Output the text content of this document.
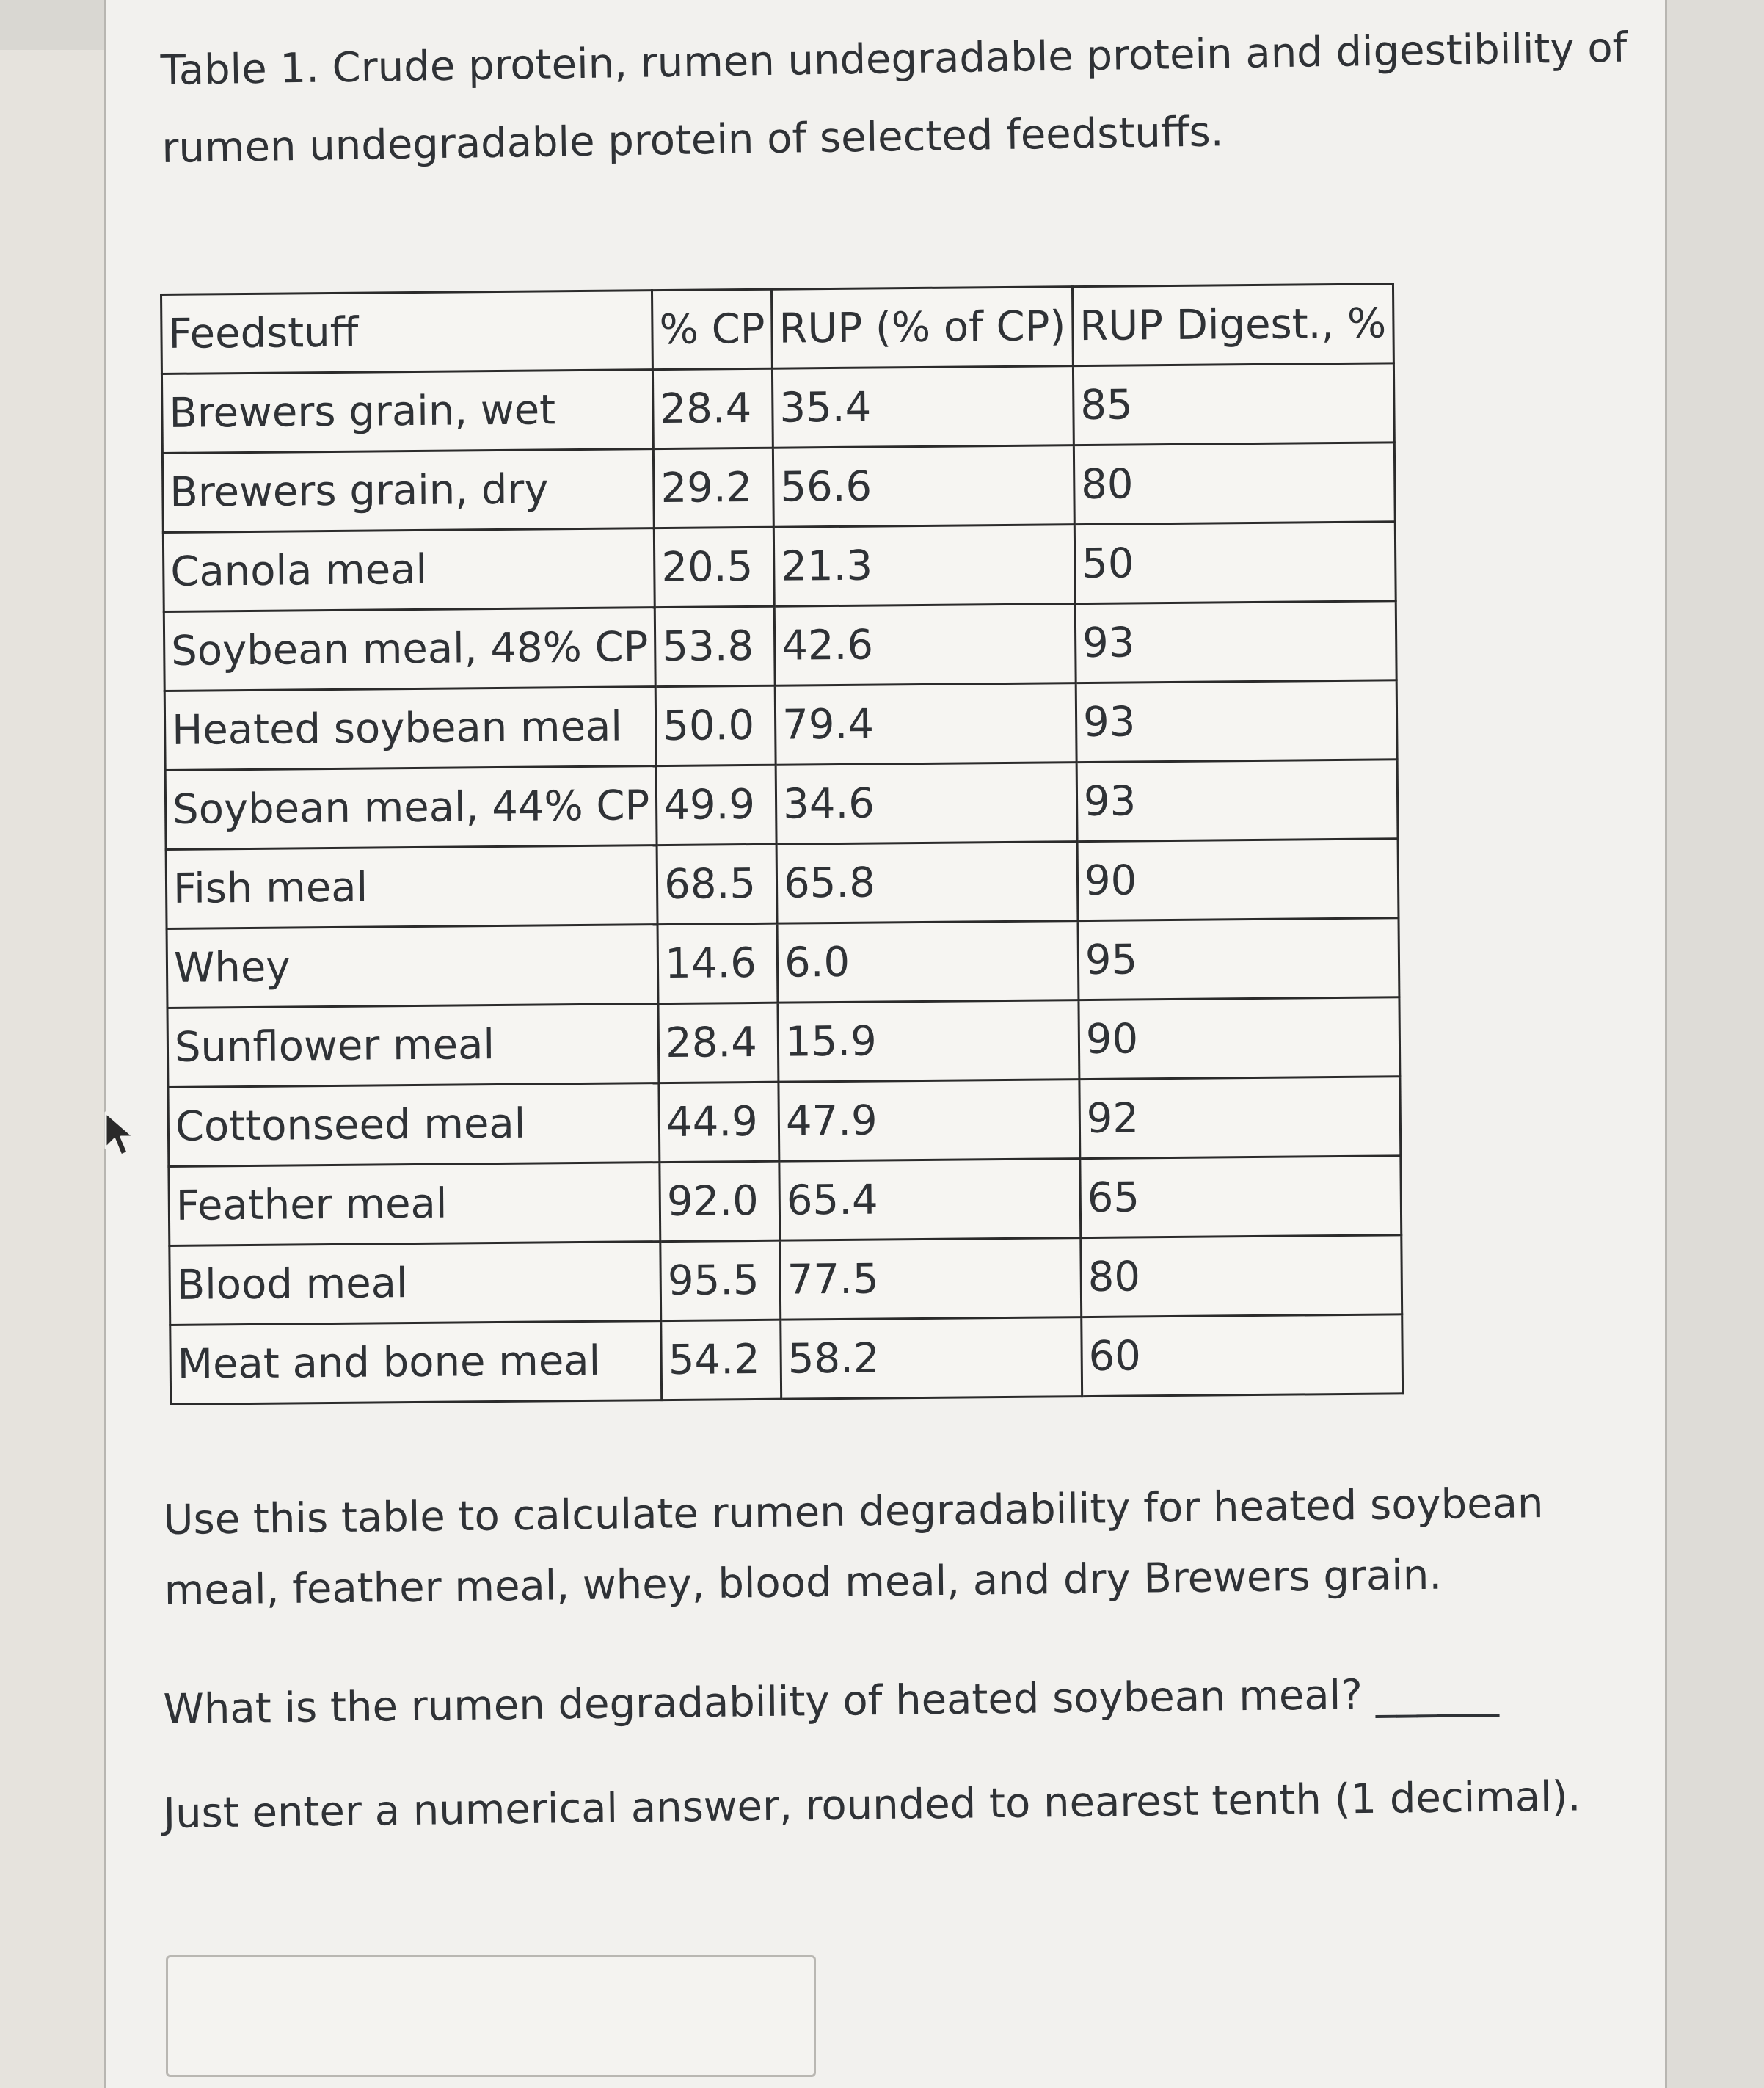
Table 1. Crude protein, rumen undegradable protein and digestibility of rumen undegradable protein of selected feedstuffs.

Feedstuff	% CP	RUP (% of CP)	RUP Digest., %
Brewers grain, wet	28.4	35.4	85
Brewers grain, dry	29.2	56.6	80
Canola meal	20.5	21.3	50
Soybean meal, 48% CP	53.8	42.6	93
Heated soybean meal	50.0	79.4	93
Soybean meal, 44% CP	49.9	34.6	93
Fish meal	68.5	65.8	90
Whey	14.6	6.0	95
Sunflower meal	28.4	15.9	90
Cottonseed meal	44.9	47.9	92
Feather meal	92.0	65.4	65
Blood meal	95.5	77.5	80
Meat and bone meal	54.2	58.2	60

Use this table to calculate rumen degradability for heated soybean meal, feather meal, whey, blood meal, and dry Brewers grain.

What is the rumen degradability of heated soybean meal? ______

Just enter a numerical answer, rounded to nearest tenth (1 decimal).
